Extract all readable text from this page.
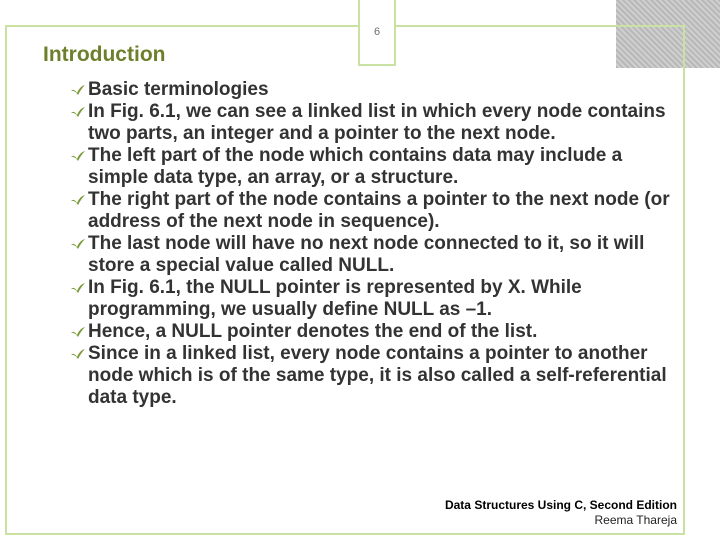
6
Introduction
Basic terminologies
In Fig. 6.1, we can see a linked list in which every node contains two parts, an integer and a pointer to the next node.
The left part of the node which contains data may include a simple data type, an array, or a structure.
The right part of the node contains a pointer to the next node (or address of the next node in sequence).
The last node will have no next node connected to it, so it will store a special value called NULL.
In Fig. 6.1, the NULL pointer is represented by X. While programming, we usually define NULL as –1.
Hence, a NULL pointer denotes the end of the list.
Since in a linked list, every node contains a pointer to another node which is of the same type, it is also called a self-referential data type.
Data Structures Using C, Second Edition
Reema Thareja
